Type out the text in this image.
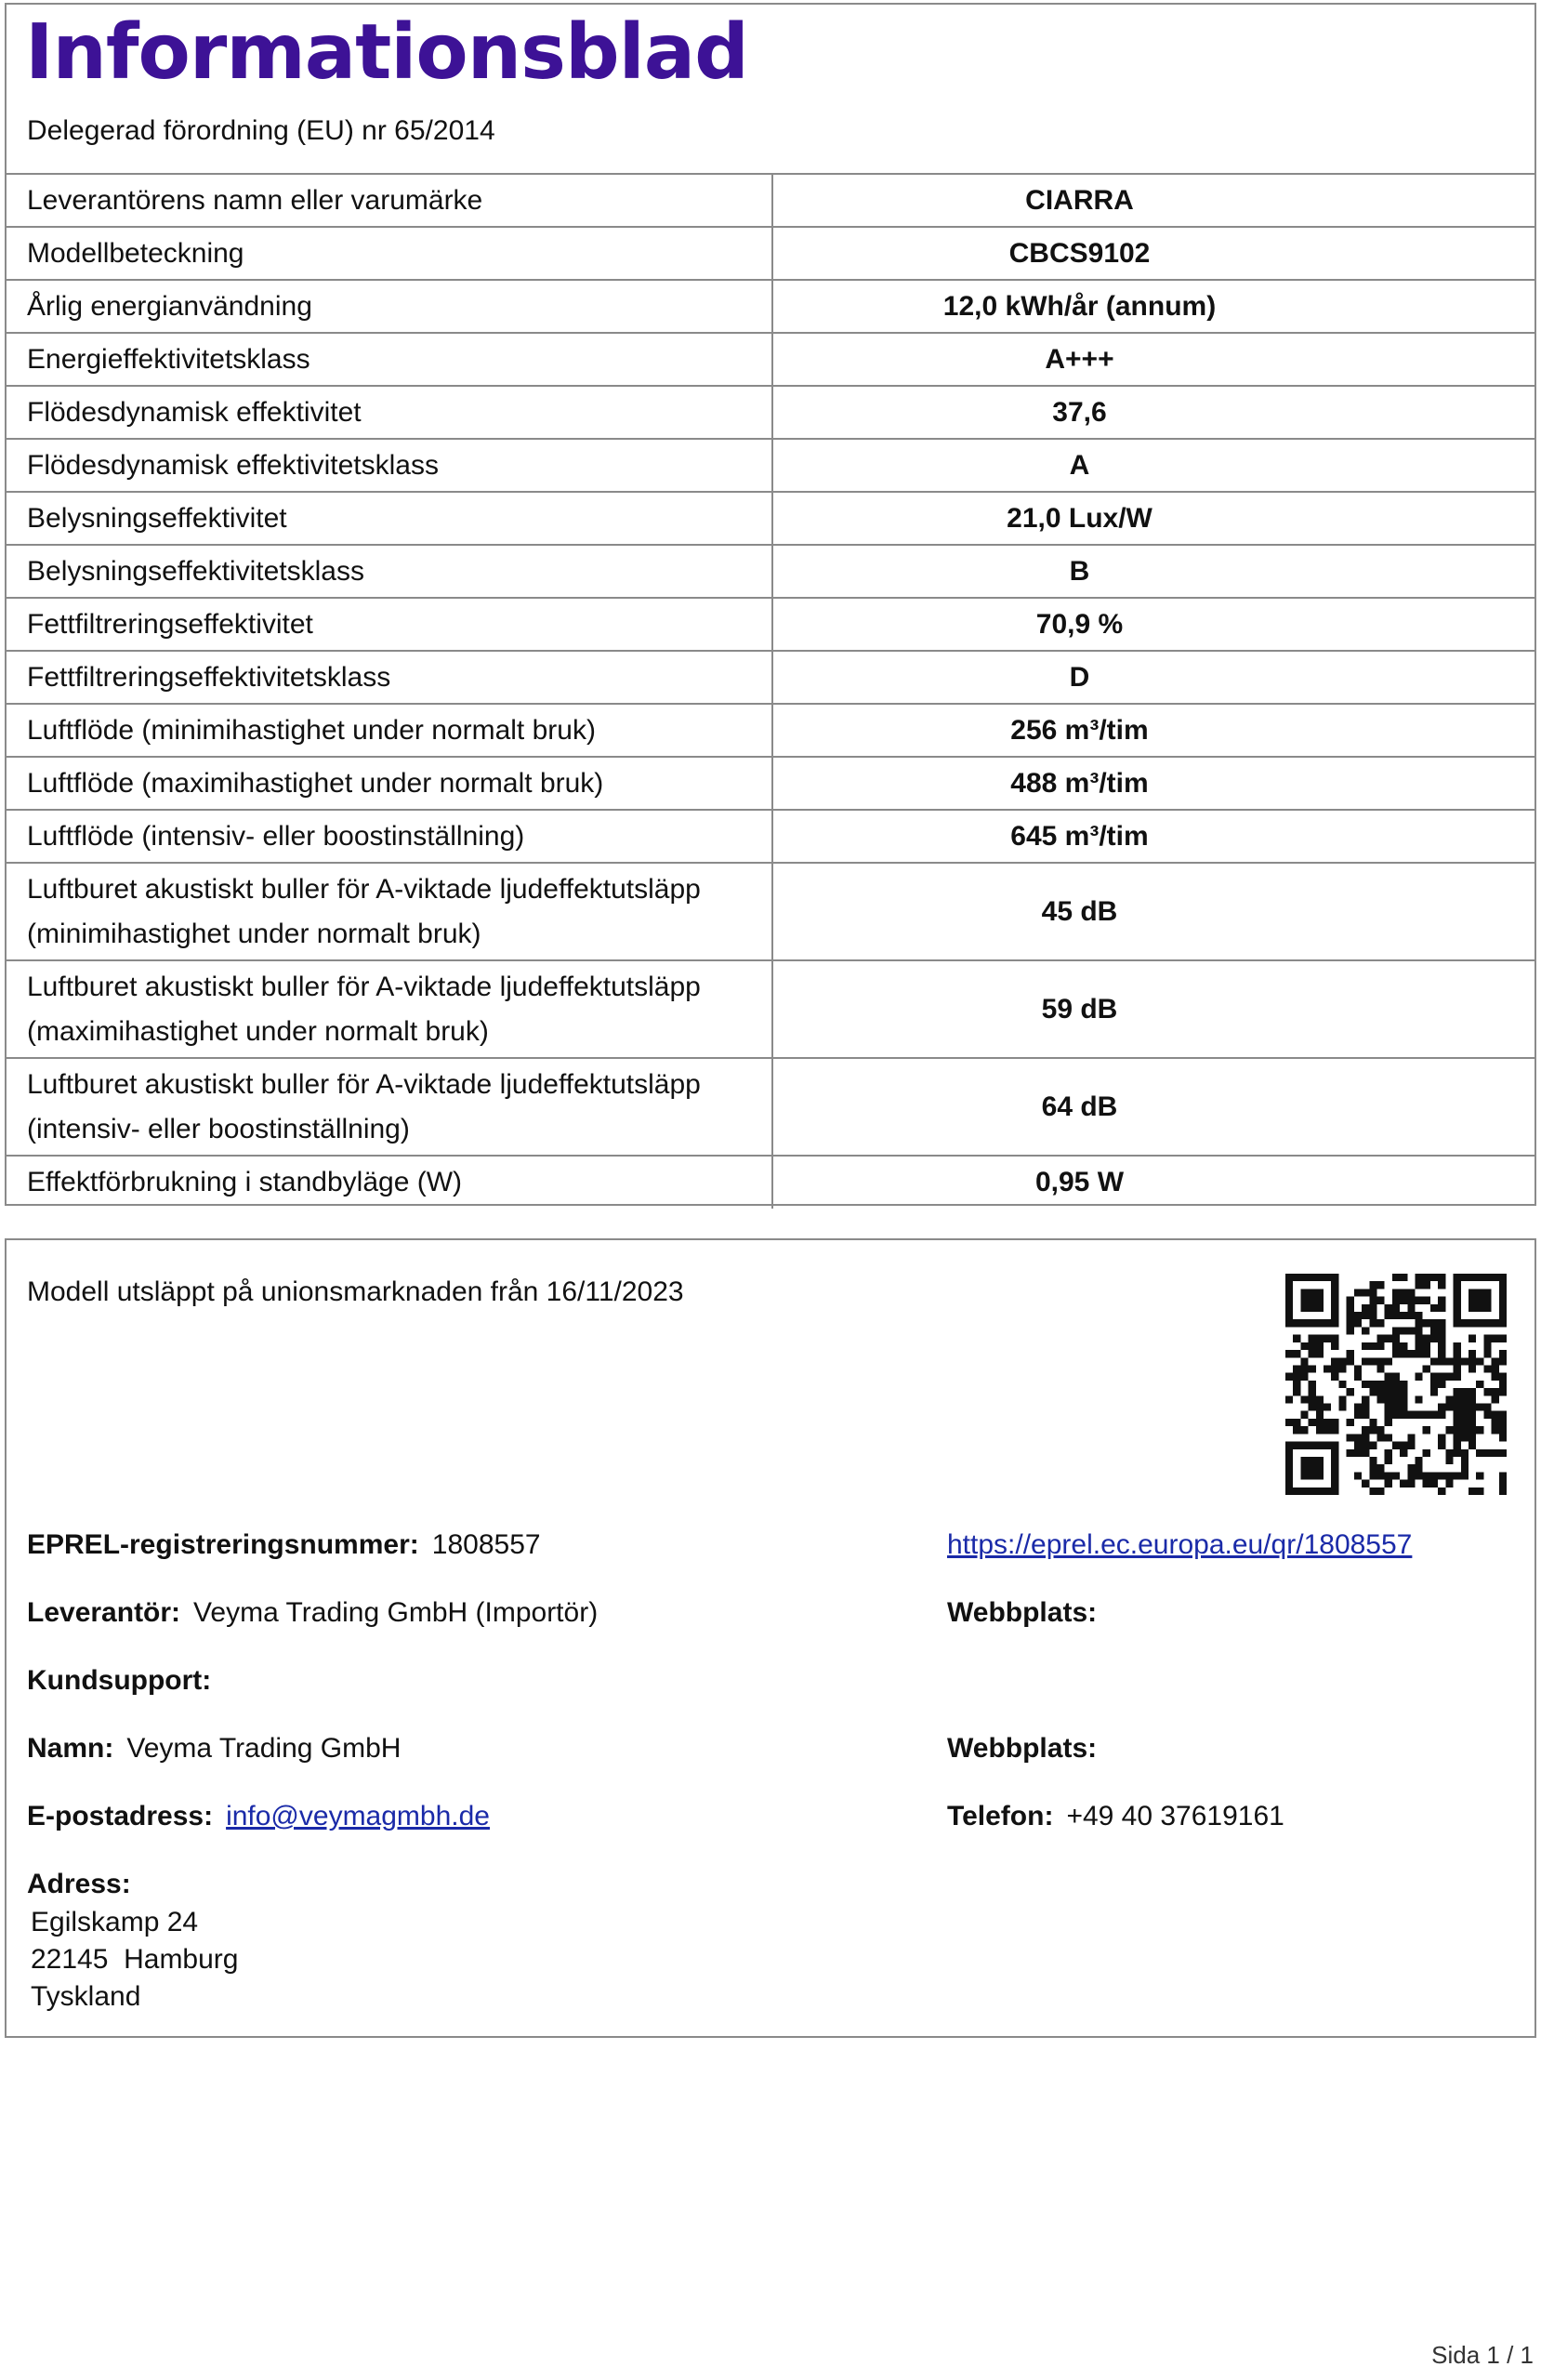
Informationsblad
Delegerad förordning (EU) nr 65/2014
Leverantörens namn eller varumärke	CIARRA
Modellbeteckning	CBCS9102
Årlig energianvändning	12,0 kWh/år (annum)
Energieffektivitetsklass	A+++
Flödesdynamisk effektivitet	37,6
Flödesdynamisk effektivitetsklass	A
Belysningseffektivitet	21,0 Lux/W
Belysningseffektivitetsklass	B
Fettfiltreringseffektivitet	70,9 %
Fettfiltreringseffektivitetsklass	D
Luftflöde (minimihastighet under normalt bruk)	256 m³/tim
Luftflöde (maximihastighet under normalt bruk)	488 m³/tim
Luftflöde (intensiv- eller boostinställning)	645 m³/tim

Luftburet akustiskt buller för A-viktade ljudeffektutsläpp
(minimihastighet under normalt bruk)	45 dB

Luftburet akustiskt buller för A-viktade ljudeffektutsläpp
(maximihastighet under normalt bruk)	59 dB

Luftburet akustiskt buller för A-viktade ljudeffektutsläpp
(intensiv- eller boostinställning)	64 dB
Effektförbrukning i standbyläge (W)	0,95 W
Modell utsläppt på unionsmarknaden från 16/11/2023
EPREL-registreringsnummer: 1808557	https://eprel.ec.europa.eu/qr/1808557
Leverantör: Veyma Trading GmbH (Importör)	Webbplats:
Kundsupport:
Namn: Veyma Trading GmbH	Webbplats:
E-postadress: info@veymagmbh.de	Telefon: +49 40 37619161
Adress:
Egilskamp 24
22145  Hamburg
Tyskland
Sida 1 / 1
